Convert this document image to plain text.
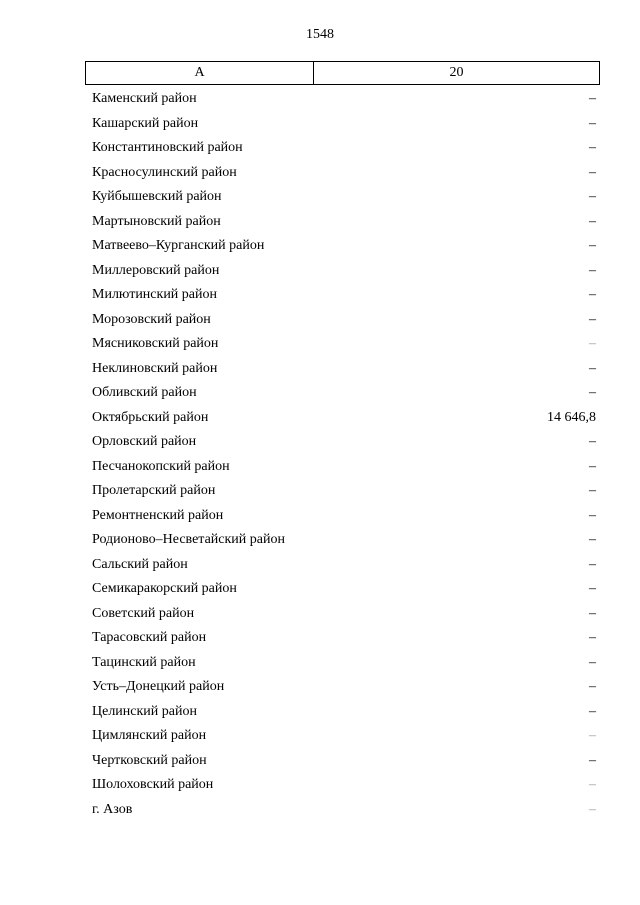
1548
А	20
Каменский район	–
Кашарский район	–
Константиновский район	–
Красносулинский район	–
Куйбышевский район	–
Мартыновский район	–
Матвеево–Курганский район	–
Миллеровский район	–
Милютинский район	–
Морозовский район	–
Мясниковский район	–
Неклиновский район	–
Обливский район	–
Октябрьский район	14 646,8
Орловский район	–
Песчанокопский район	–
Пролетарский район	–
Ремонтненский район	–
Родионово–Несветайский район	–
Сальский район	–
Семикаракорский район	–
Советский район	–
Тарасовский район	–
Тацинский район	–
Усть–Донецкий район	–
Целинский район	–
Цимлянский район	–
Чертковский район	–
Шолоховский район	–
г. Азов	–
